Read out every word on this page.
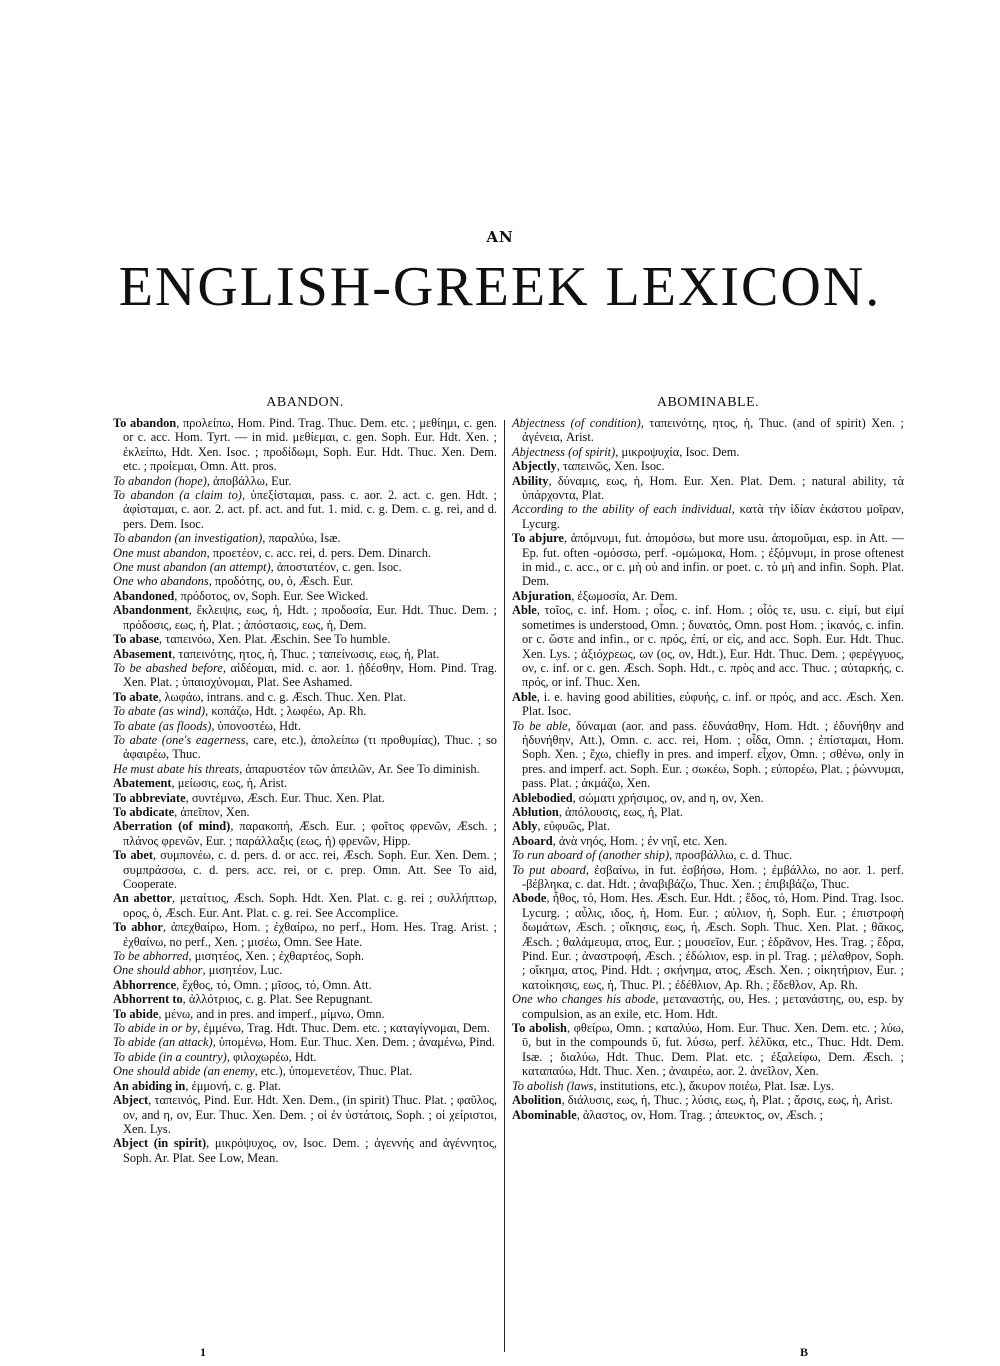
AN
ENGLISH-GREEK LEXICON.
ABANDON.

To abandon, προλείπω, Hom. Pind. Trag. Thuc. Dem. etc. ; μεθίημι, c. gen. or c. acc. Hom. Tyrt. — in mid. μεθίεμαι, c. gen. Soph. Eur. Hdt. Xen. ; ἐκλείπω, Hdt. Xen. Isoc. ; προδίδωμι, Soph. Eur. Hdt. Thuc. Xen. Dem. etc. ; προίεμαι, Omn. Att. pros.

To abandon (hope), ἀποβάλλω, Eur.

To abandon (a claim to), ὑπεξίσταμαι, pass. c. aor. 2. act. c. gen. Hdt. ; ἀφίσταμαι, c. aor. 2. act. pf. act. and fut. 1. mid. c. g. Dem. c. g. rei, and d. pers. Dem. Isoc.

To abandon (an investigation), παραλύω, Isæ.

One must abandon, προετέον, c. acc. rei, d. pers. Dem. Dinarch.

One must abandon (an attempt), ἀποστατέον, c. gen. Isoc.

One who abandons, προδότης, ου, ὁ, Æsch. Eur.

Abandoned, πρόδοτος, ον, Soph. Eur. See Wicked.

Abandonment, ἔκλειψις, εως, ἡ, Hdt. ; προδοσία, Eur. Hdt. Thuc. Dem. ; πρόδοσις, εως, ἡ, Plat. ; ἀπόστασις, εως, ἡ, Dem.

To abase, ταπεινόω, Xen. Plat. Æschin. See To humble.

Abasement, ταπεινότης, ητος, ἡ, Thuc. ; ταπείνωσις, εως, ἡ, Plat.

To be abashed before, αἰδέομαι, mid. c. aor. 1. ᾐδέσθην, Hom. Pind. Trag. Xen. Plat. ; ὑπαισχύνομαι, Plat. See Ashamed.

To abate, λωφάω, intrans. and c. g. Æsch. Thuc. Xen. Plat.

To abate (as wind), κοπάζω, Hdt. ; λωφέω, Ap. Rh.

To abate (as floods), ὑπονοστέω, Hdt.

To abate (one's eagerness, care, etc.), ἀπολείπω (τι προθυμίας), Thuc. ; so ἀφαιρέω, Thuc.

He must abate his threats, ἀπαρυστέον τῶν ἀπειλῶν, Ar. See To diminish.

Abatement, μείωσις, εως, ἡ, Arist.

To abbreviate, συντέμνω, Æsch. Eur. Thuc. Xen. Plat.

To abdicate, ἀπεῖπον, Xen.

Aberration (of mind), παρακοπή, Æsch. Eur. ; φοῖτος φρενῶν, Æsch. ; πλάνος φρενῶν, Eur. ; παράλλαξις (εως, ἡ) φρενῶν, Hipp.

To abet, συμπονέω, c. d. pers. d. or acc. rei, Æsch. Soph. Eur. Xen. Dem. ; συμπράσσω, c. d. pers. acc. rei, or c. prep. Omn. Att. See To aid, Cooperate.

An abettor, μεταίτιος, Æsch. Soph. Hdt. Xen. Plat. c. g. rei ; συλλήπτωρ, ορος, ὁ, Æsch. Eur. Ant. Plat. c. g. rei. See Accomplice.

To abhor, ἀπεχθαίρω, Hom. ; ἐχθαίρω, no perf., Hom. Hes. Trag. Arist. ; ἐχθαίνω, no perf., Xen. ; μισέω, Omn. See Hate.

To be abhorred, μισητέος, Xen. ; ἐχθαρτέος, Soph.

One should abhor, μισητέον, Luc.

Abhorrence, ἔχθος, τό, Omn. ; μῖσος, τό, Omn. Att.

Abhorrent to, ἀλλότριος, c. g. Plat. See Repugnant.

To abide, μένω, and in pres. and imperf., μίμνω, Omn.

To abide in or by, ἐμμένω, Trag. Hdt. Thuc. Dem. etc. ; καταγίγνομαι, Dem.

To abide (an attack), ὑπομένω, Hom. Eur. Thuc. Xen. Dem. ; ἀναμένω, Pind.

To abide (in a country), φιλοχωρέω, Hdt.

One should abide (an enemy, etc.), ὑπομενετέον, Thuc. Plat.

An abiding in, ἐμμονή, c. g. Plat.

Abject, ταπεινός, Pind. Eur. Hdt. Xen. Dem., (in spirit) Thuc. Plat. ; φαῦλος, ον, and η, ον, Eur. Thuc. Xen. Dem. ; οἱ ἐν ὑστάτοις, Soph. ; οἱ χείριστοι, Xen. Lys.

Abject (in spirit), μικρόψυχος, ον, Isoc. Dem. ; ἀγεννής and ἀγέννητος, Soph. Ar. Plat. See Low, Mean.

ABOMINABLE.

Abjectness (of condition), ταπεινότης, ητος, ἡ, Thuc. (and of spirit) Xen. ; ἀγένεια, Arist.

Abjectness (of spirit), μικροψυχία, Isoc. Dem.

Abjectly, ταπεινῶς, Xen. Isoc.

Ability, δύναμις, εως, ἡ, Hom. Eur. Xen. Plat. Dem. ; natural ability, τὰ ὑπάρχοντα, Plat.

According to the ability of each individual, κατὰ τὴν ἰδίαν ἑκάστου μοῖραν, Lycurg.

To abjure, ἀπόμνυμι, fut. ἀπομόσω, but more usu. ἀπομοῦμαι, esp. in Att. — Ep. fut. often -ομόσσω, perf. -ομώμοκα, Hom. ; ἐξόμνυμι, in prose oftenest in mid., c. acc., or c. μὴ οὐ and infin. or poet. c. τὸ μὴ and infin. Soph. Plat. Dem.

Abjuration, ἐξωμοσία, Ar. Dem.

Able, τοῖος, c. inf. Hom. ; οἷος, c. inf. Hom. ; οἷός τε, usu. c. εἰμί, but εἰμί sometimes is understood, Omn. ; δυνατός, Omn. post Hom. ; ἱκανός, c. infin. or c. ὥστε and infin., or c. πρός, ἐπί, or εἰς, and acc. Soph. Eur. Hdt. Thuc. Xen. Lys. ; ἀξιόχρεως, ων (ος, ον, Hdt.), Eur. Hdt. Thuc. Dem. ; φερέγγυος, ον, c. inf. or c. gen. Æsch. Soph. Hdt., c. πρὸς and acc. Thuc. ; αὐταρκής, c. πρός, or inf. Thuc. Xen.

Able, i. e. having good abilities, εὐφυής, c. inf. or πρός, and acc. Æsch. Xen. Plat. Isoc.

To be able, δύναμαι (aor. and pass. ἐδυνάσθην, Hom. Hdt. ; ἐδυνήθην and ἠδυνήθην, Att.), Omn. c. acc. rei, Hom. ; οἶδα, Omn. ; ἐπίσταμαι, Hom. Soph. Xen. ; ἔχω, chiefly in pres. and imperf. εἶχον, Omn. ; σθένω, only in pres. and imperf. act. Soph. Eur. ; σωκέω, Soph. ; εὐπορέω, Plat. ; ῥώννυμαι, pass. Plat. ; ἀκμάζω, Xen.

Ablebodied, σώματι χρήσιμος, ον, and η, ον, Xen.

Ablution, ἀπόλουσις, εως, ἡ, Plat.

Ably, εὐφυῶς, Plat.

Aboard, ἀνὰ νηός, Hom. ; ἐν νηΐ, etc. Xen.

To run aboard of (another ship), προσβάλλω, c. d. Thuc.

To put aboard, ἐσβαίνω, in fut. ἐσβήσω, Hom. ; ἐμβάλλω, no aor. 1. perf. -βέβληκα, c. dat. Hdt. ; ἀναβιβάζω, Thuc. Xen. ; ἐπιβιβάζω, Thuc.

Abode, ἦθος, τό, Hom. Hes. Æsch. Eur. Hdt. ; ἕδος, τό, Hom. Pind. Trag. Isoc. Lycurg. ; αὖλις, ιδος, ἡ, Hom. Eur. ; αὐλιον, ἡ, Soph. Eur. ; ἐπιστροφὴ δωμάτων, Æsch. ; οἴκησις, εως, ἡ, Æsch. Soph. Thuc. Xen. Plat. ; θᾶκος, Æsch. ; θαλάμευμα, ατος, Eur. ; μουσεῖον, Eur. ; ἑδρᾶνον, Hes. Trag. ; ἕδρα, Pind. Eur. ; ἀναστροφή, Æsch. ; ἐδώλιον, esp. in pl. Trag. ; μέλαθρον, Soph. ; οἴκημα, ατος, Pind. Hdt. ; σκήνημα, ατος, Æsch. Xen. ; οἰκητήριον, Eur. ; κατοίκησις, εως, ἡ, Thuc. Pl. ; ἐδέθλιον, Ap. Rh. ; ἔδεθλον, Ap. Rh.

One who changes his abode, μεταναστής, ου, Hes. ; μετανάστης, ου, esp. by compulsion, as an exile, etc. Hom. Hdt.

To abolish, φθείρω, Omn. ; καταλύω, Hom. Eur. Thuc. Xen. Dem. etc. ; λύω, ῡ, but in the compounds ῠ, fut. λύσω, perf. λέλῠκα, etc., Thuc. Hdt. Dem. Isæ. ; διαλύω, Hdt. Thuc. Dem. Plat. etc. ; ἐξαλείφω, Dem. Æsch. ; καταπαύω, Hdt. Thuc. Xen. ; ἀναιρέω, aor. 2. ἀνεῖλον, Xen.

To abolish (laws, institutions, etc.), ἄκυρον ποιέω, Plat. Isæ. Lys.

Abolition, διάλυσις, εως, ἡ, Thuc. ; λύσις, εως, ἡ, Plat. ; ἄρσις, εως, ἡ, Arist.

Abominable, ἀλαστος, ον, Hom. Trag. ; ἀπευκτος, ον, Æsch. ;

1	B
